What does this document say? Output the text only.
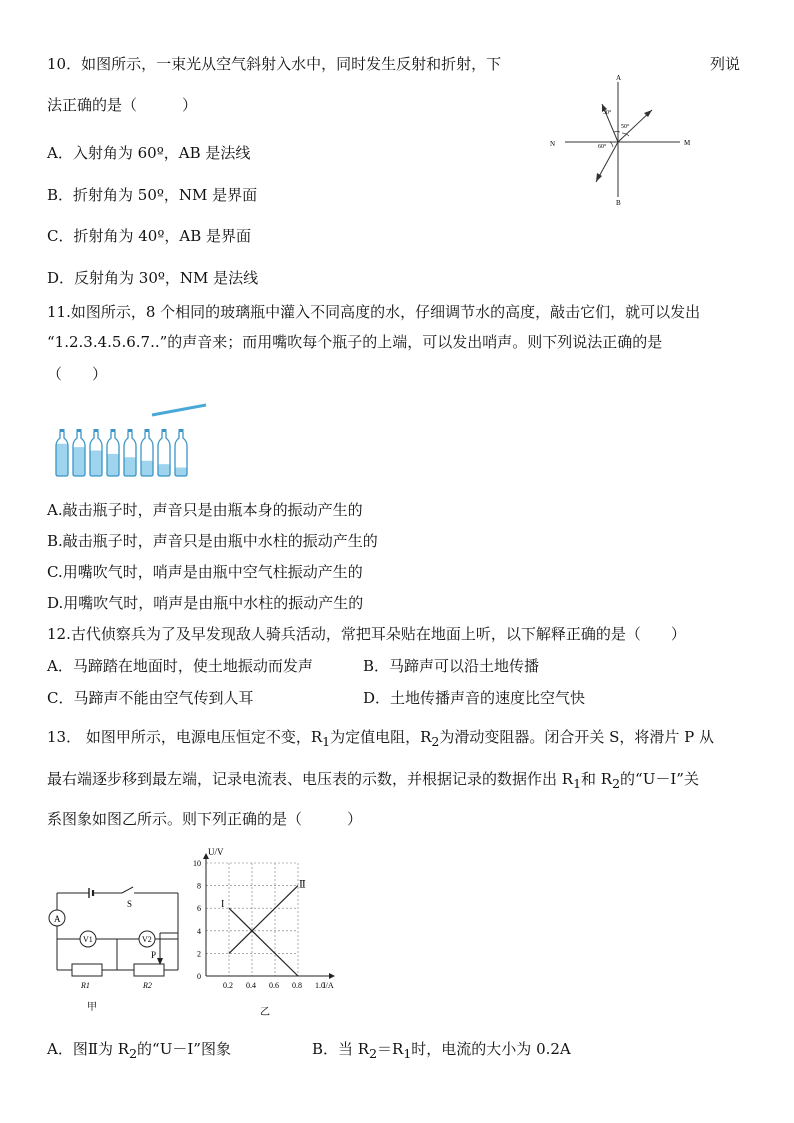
10．如图所示，一束光从空气斜射入水中，同时发生反射和折射，下	列说
法正确的是（　　　）
A．入射角为 60º，AB 是法线
B．折射角为 50º，NM 是界面
C．折射角为 40º，AB 是界面
D．反射角为 30º，NM 是法线
A
B
N	M
30°
50°
60°
11.如图所示，8 个相同的玻璃瓶中灌入不同高度的水，仔细调节水的高度，敲击它们，就可以发出
“1.2.3.4.5.6.7..”的声音来；而用嘴吹每个瓶子的上端，可以发出哨声。则下列说法正确的是
（　　）
A.敲击瓶子时，声音只是由瓶本身的振动产生的
B.敲击瓶子时，声音只是由瓶中水柱的振动产生的
C.用嘴吹气时，哨声是由瓶中空气柱振动产生的
D.用嘴吹气时，哨声是由瓶中水柱的振动产生的
12.古代侦察兵为了及早发现敌人骑兵活动，常把耳朵贴在地面上听，以下解释正确的是（　　）
A．马蹄踏在地面时，使土地振动而发声	B．马蹄声可以沿土地传播
C．马蹄声不能由空气传到人耳	D．土地传播声音的速度比空气快
13． 如图甲所示，电源电压恒定不变，$R_1$为定值电阻，$R_2$为滑动变阻器。闭合开关 S，将滑片 P 从
最右端逐步移到最左端，记录电流表、电压表的示数，并根据记录的数据作出 $R_1$和 $R_2$的“U－I”关
系图象如图乙所示。则下列正确的是（　　　）
A
V1	V2
S
P
R1	R2
甲
0.2 0.4 0.6 0.8 1.0
0
2
4
6
8
10
U/V
I/A
I
Ⅱ
乙
A．图Ⅱ为 $R_2$的“U－I”图象	B．当 $R_2=R_1$时，电流的大小为 0.2A
